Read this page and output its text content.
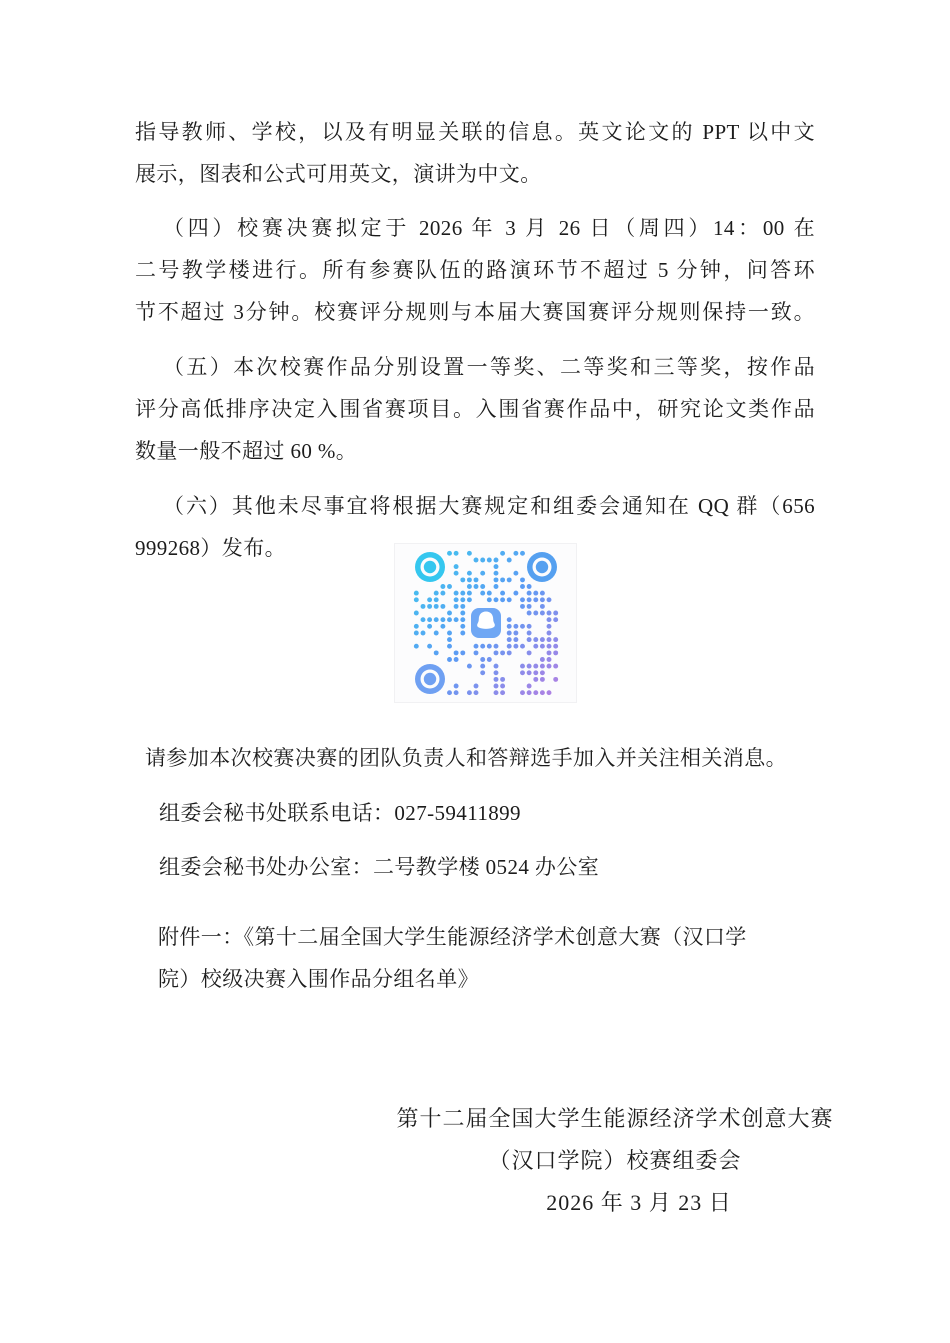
指导教师、学校，以及有明显关联的信息。英文论文的 PPT 以中文
展示，图表和公式可用英文，演讲为中文。
（四）校赛决赛拟定于 2026 年 3 月 26 日（周四）14：00 在
二号教学楼进行。所有参赛队伍的路演环节不超过 5 分钟，问答环
节不超过 3分钟。校赛评分规则与本届大赛国赛评分规则保持一致。
（五）本次校赛作品分别设置一等奖、二等奖和三等奖，按作品
评分高低排序决定入围省赛项目。入围省赛作品中，研究论文类作品
数量一般不超过 60 %。
（六）其他未尽事宜将根据大赛规定和组委会通知在 QQ 群（656
999268）发布。
请参加本次校赛决赛的团队负责人和答辩选手加入并关注相关消息。
组委会秘书处联系电话：027-59411899
组委会秘书处办公室：二号教学楼 0524 办公室
附件一：《第十二届全国大学生能源经济学术创意大赛（汉口学
院）校级决赛入围作品分组名单》
第十二届全国大学生能源经济学术创意大赛
（汉口学院）校赛组委会
2026 年 3 月 23 日
